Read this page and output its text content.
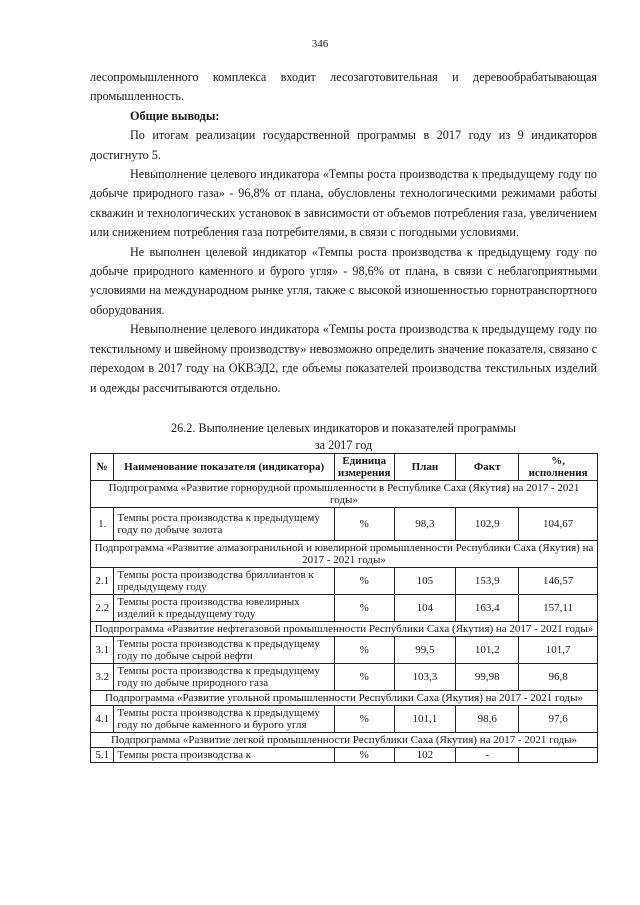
346

лесопромышленного комплекса входит лесозаготовительная и деревообрабатывающая промышленность.

Общие выводы:

По итогам реализации государственной программы в 2017 году из 9 индикаторов достигнуто 5.

Невыполнение целевого индикатора «Темпы роста производства к предыдущему году по добыче природного газа» - 96,8% от плана, обусловлены технологическими режимами работы скважин и технологических установок в зависимости от объемов потребления газа, увеличением или снижением потребления газа потребителями, в связи с погодными условиями.

Не выполнен целевой индикатор «Темпы роста производства к предыдущему году по добыче природного каменного и бурого угля» - 98,6% от плана, в связи с неблагоприятными условиями на международном рынке угля, также с высокой изношенностью горнотранспортного оборудования.

Невыполнение целевого индикатора «Темпы роста производства к предыдущему году по текстильному и швейному производству» невозможно определить значение показателя, связано с переходом в 2017 году на ОКВЭД2, где объемы показателей производства текстильных изделий и одежды рассчитываются отдельно.

26.2. Выполнение целевых индикаторов и показателей программы
за 2017 год
№	Наименование показателя (индикатора)	Единица измерения	План	Факт	%, исполнения
Подпрограмма «Развитие горнорудной промышленности в Республике Саха (Якутия) на 2017 - 2021 годы»					
1.	Темпы роста производства к предыдущему году по добыче золота	%	98,3	102,9	104,67
Подпрограмма «Развитие алмазогранильной и ювелирной промышленности Республики Саха (Якутия) на 2017 - 2021 годы»					
2.1	Темпы роста производства бриллиантов к предыдущему году	%	105	153,9	146,57
2.2	Темпы роста производства ювелирных изделий к предыдущему году	%	104	163,4	157,11
Подпрограмма «Развитие нефтегазовой промышленности Республики Саха (Якутия) на 2017 - 2021 годы»					
3.1	Темпы роста производства к предыдущему году по добыче сырой нефти	%	99,5	101,2	101,7
3.2	Темпы роста производства к предыдущему году по добыче природного газа	%	103,3	99,98	96,8
Подпрограмма «Развитие угольной промышленности Республики Саха (Якутия) на 2017 - 2021 годы»					
4.1	Темпы роста производства к предыдущему году по добыче каменного и бурого угля	%	101,1	98,6	97,6
Подпрограмма «Развитие легкой промышленности Республики Саха (Якутия) на 2017 - 2021 годы»					
5.1	Темпы роста производства к	%	102	-	
